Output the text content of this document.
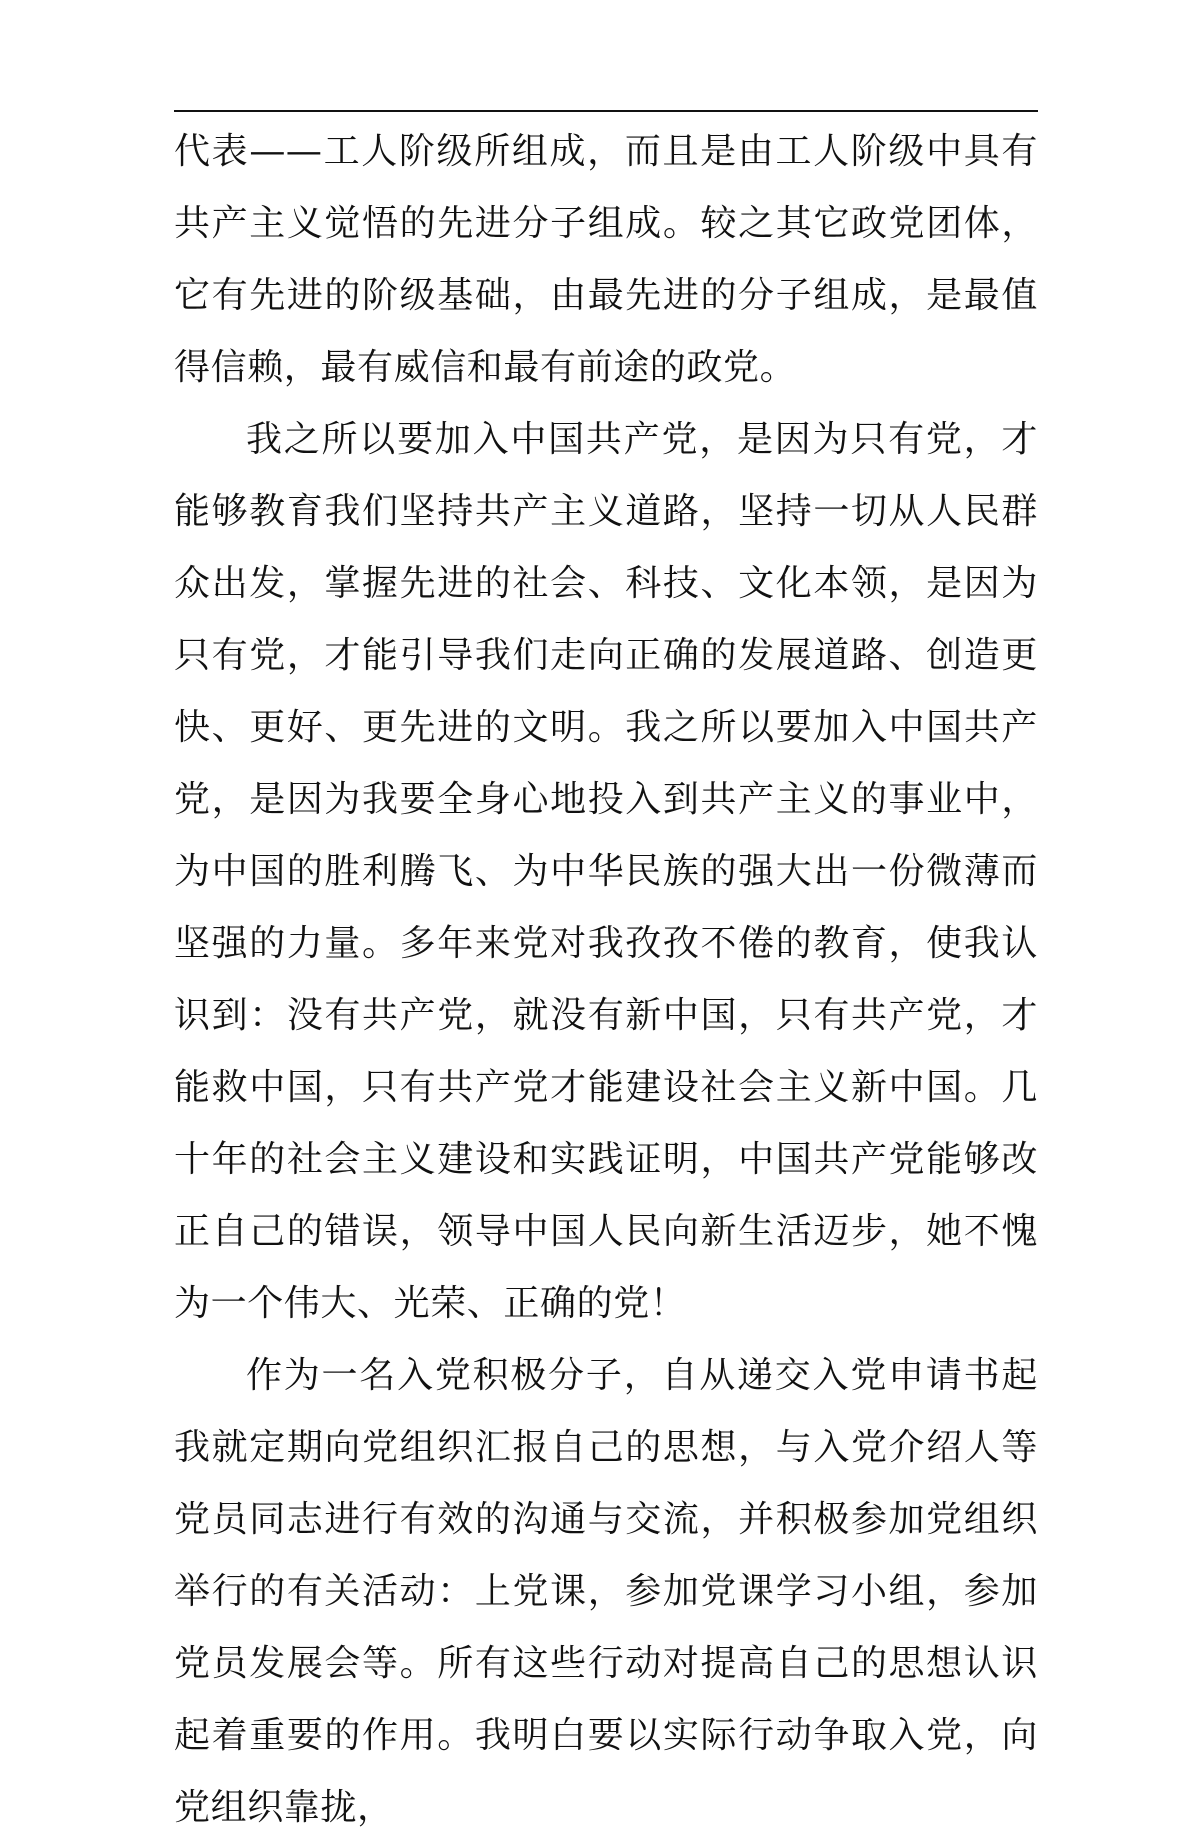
代表——工人阶级所组成，而且是由工人阶级中具有共产主义觉悟的先进分子组成。较之其它政党团体，它有先进的阶级基础，由最先进的分子组成，是最值得信赖，最有威信和最有前途的政党。

我之所以要加入中国共产党，是因为只有党，才能够教育我们坚持共产主义道路，坚持一切从人民群众出发，掌握先进的社会、科技、文化本领，是因为只有党，才能引导我们走向正确的发展道路、创造更快、更好、更先进的文明。我之所以要加入中国共产党，是因为我要全身心地投入到共产主义的事业中，为中国的胜利腾飞、为中华民族的强大出一份微薄而坚强的力量。多年来党对我孜孜不倦的教育，使我认识到：没有共产党，就没有新中国，只有共产党，才能救中国，只有共产党才能建设社会主义新中国。几十年的社会主义建设和实践证明，中国共产党能够改正自己的错误，领导中国人民向新生活迈步，她不愧为一个伟大、光荣、正确的党！

作为一名入党积极分子，自从递交入党申请书起我就定期向党组织汇报自己的思想，与入党介绍人等党员同志进行有效的沟通与交流，并积极参加党组织举行的有关活动：上党课，参加党课学习小组，参加党员发展会等。所有这些行动对提高自己的思想认识起着重要的作用。我明白要以实际行动争取入党，向党组织靠拢，
